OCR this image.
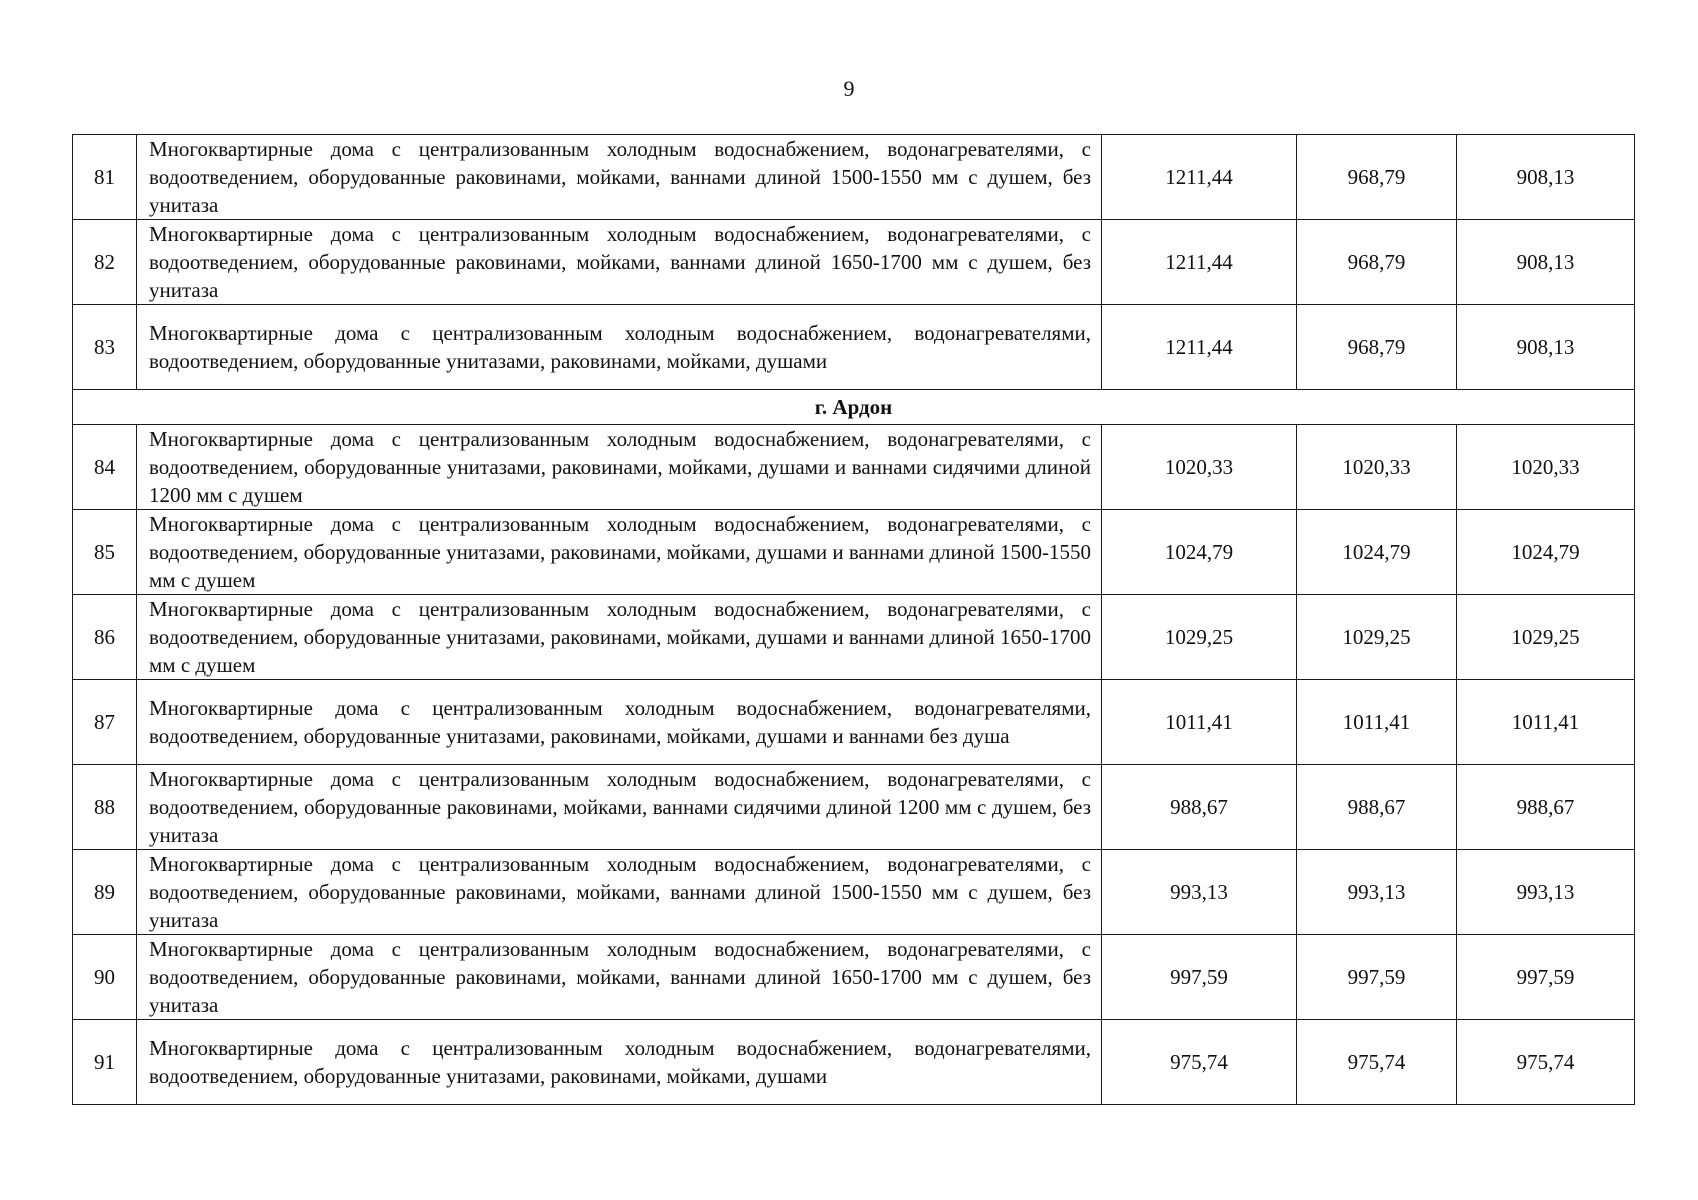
9
81	Многоквартирные дома с централизованным холодным водоснабжением, водонагревателями, с водоотведением, оборудованные раковинами, мойками, ваннами длиной 1500-1550 мм с душем, без унитаза	1211,44	968,79	908,13
82	Многоквартирные дома с централизованным холодным водоснабжением, водонагревателями, с водоотведением, оборудованные раковинами, мойками, ваннами длиной 1650-1700 мм с душем, без унитаза	1211,44	968,79	908,13
83	Многоквартирные дома с централизованным холодным водоснабжением, водонагревателями, водоотведением, оборудованные унитазами, раковинами, мойками, душами	1211,44	968,79	908,13
г. Ардон				
84	Многоквартирные дома с централизованным холодным водоснабжением, водонагревателями, с водоотведением, оборудованные унитазами, раковинами, мойками, душами и ваннами сидячими длиной 1200 мм с душем	1020,33	1020,33	1020,33
85	Многоквартирные дома с централизованным холодным водоснабжением, водонагревателями, с водоотведением, оборудованные унитазами, раковинами, мойками, душами и ваннами длиной 1500-1550 мм с душем	1024,79	1024,79	1024,79
86	Многоквартирные дома с централизованным холодным водоснабжением, водонагревателями, с водоотведением, оборудованные унитазами, раковинами, мойками, душами и ваннами длиной 1650-1700 мм с душем	1029,25	1029,25	1029,25
87	Многоквартирные дома с централизованным холодным водоснабжением, водонагревателями, водоотведением, оборудованные унитазами, раковинами, мойками, душами и ваннами без душа	1011,41	1011,41	1011,41
88	Многоквартирные дома с централизованным холодным водоснабжением, водонагревателями, с водоотведением, оборудованные раковинами, мойками, ваннами сидячими длиной 1200 мм с душем, без унитаза	988,67	988,67	988,67
89	Многоквартирные дома с централизованным холодным водоснабжением, водонагревателями, с водоотведением, оборудованные раковинами, мойками, ваннами длиной 1500-1550 мм с душем, без унитаза	993,13	993,13	993,13
90	Многоквартирные дома с централизованным холодным водоснабжением, водонагревателями, с водоотведением, оборудованные раковинами, мойками, ваннами длиной 1650-1700 мм с душем, без унитаза	997,59	997,59	997,59
91	Многоквартирные дома с централизованным холодным водоснабжением, водонагревателями, водоотведением, оборудованные унитазами, раковинами, мойками, душами	975,74	975,74	975,74
